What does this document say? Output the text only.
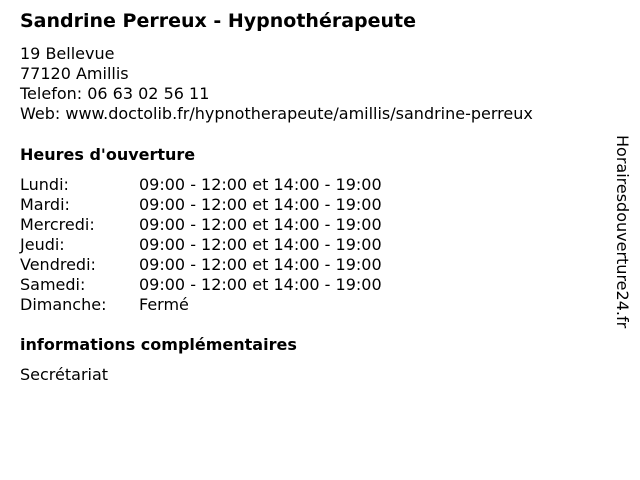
Sandrine Perreux - Hypnothérapeute
19 Bellevue
77120 Amillis
Telefon: 06 63 02 56 11
Web: www.doctolib.fr/hypnotherapeute/amillis/sandrine-perreux
Heures d'ouverture
Lundi:	09:00 - 12:00 et 14:00 - 19:00
Mardi:	09:00 - 12:00 et 14:00 - 19:00
Mercredi:	09:00 - 12:00 et 14:00 - 19:00
Jeudi:	09:00 - 12:00 et 14:00 - 19:00
Vendredi:	09:00 - 12:00 et 14:00 - 19:00
Samedi:	09:00 - 12:00 et 14:00 - 19:00
Dimanche: Fermé
informations complémentaires
Secrétariat
Horairesdouverture24.fr
